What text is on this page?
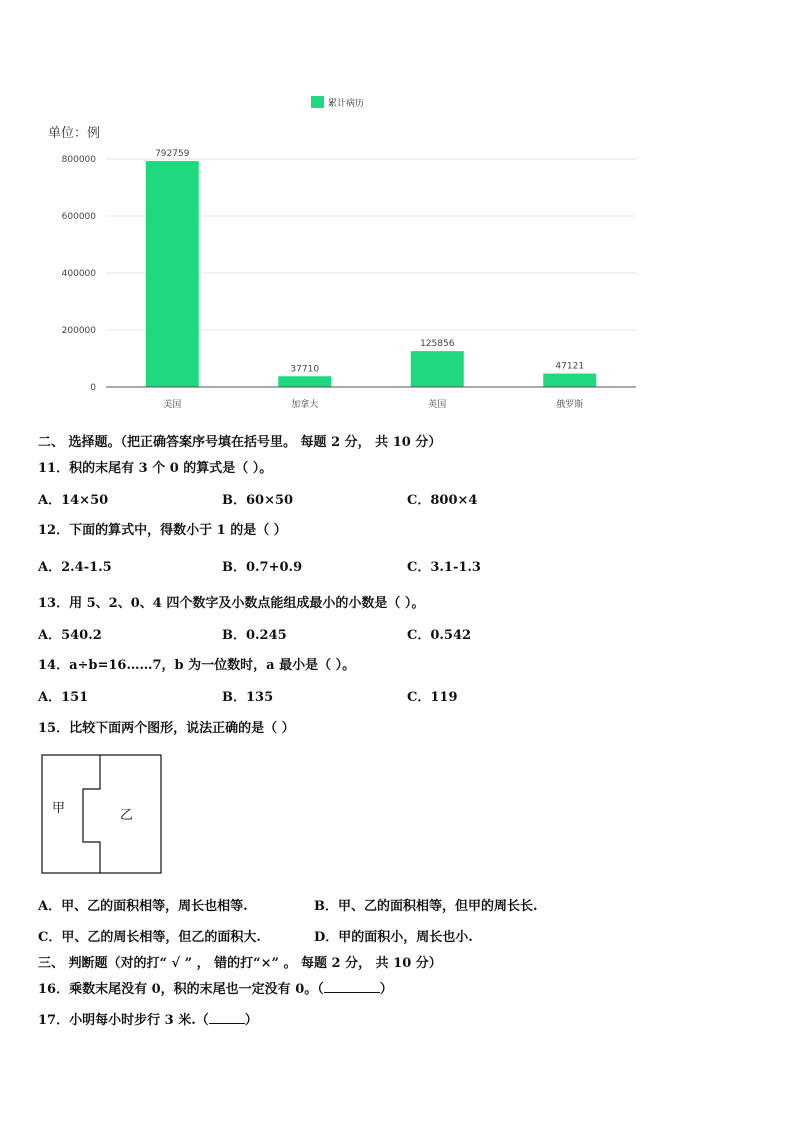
累计病历
0
200000
400000
600000
800000
792759
37710
125856
47121
美国	加拿大	英国	俄罗斯
单位：例
二、 选择题。（把正确答案序号填在括号里。 每题 2 分， 共 10 分）
11．积的末尾有 3 个 0 的算式是（ ）。
A．14×50	B．60×50	C．800×4
12．下面的算式中，得数小于 1 的是（ ）
A．2.4-1.5	B．0.7+0.9	C．3.1-1.3
13．用 5、2、0、4 四个数字及小数点能组成最小的小数是（ ）。
A．540.2	B．0.245	C．0.542
14．a÷b=16……7，b 为一位数时，a 最小是（ ）。
A．151	B．135	C．119
15．比较下面两个图形，说法正确的是（ ）
甲	乙
A．甲、乙的面积相等，周长也相等.	B．甲、乙的面积相等，但甲的周长长.
C．甲、乙的周长相等，但乙的面积大.	D．甲的面积小，周长也小.
三、 判断题（对的打“ √ ” ， 错的打“×” 。 每题 2 分， 共 10 分）
16．乘数末尾没有 0，积的末尾也一定没有 0。（	）
17．小明每小时步行 3 米.（	）
